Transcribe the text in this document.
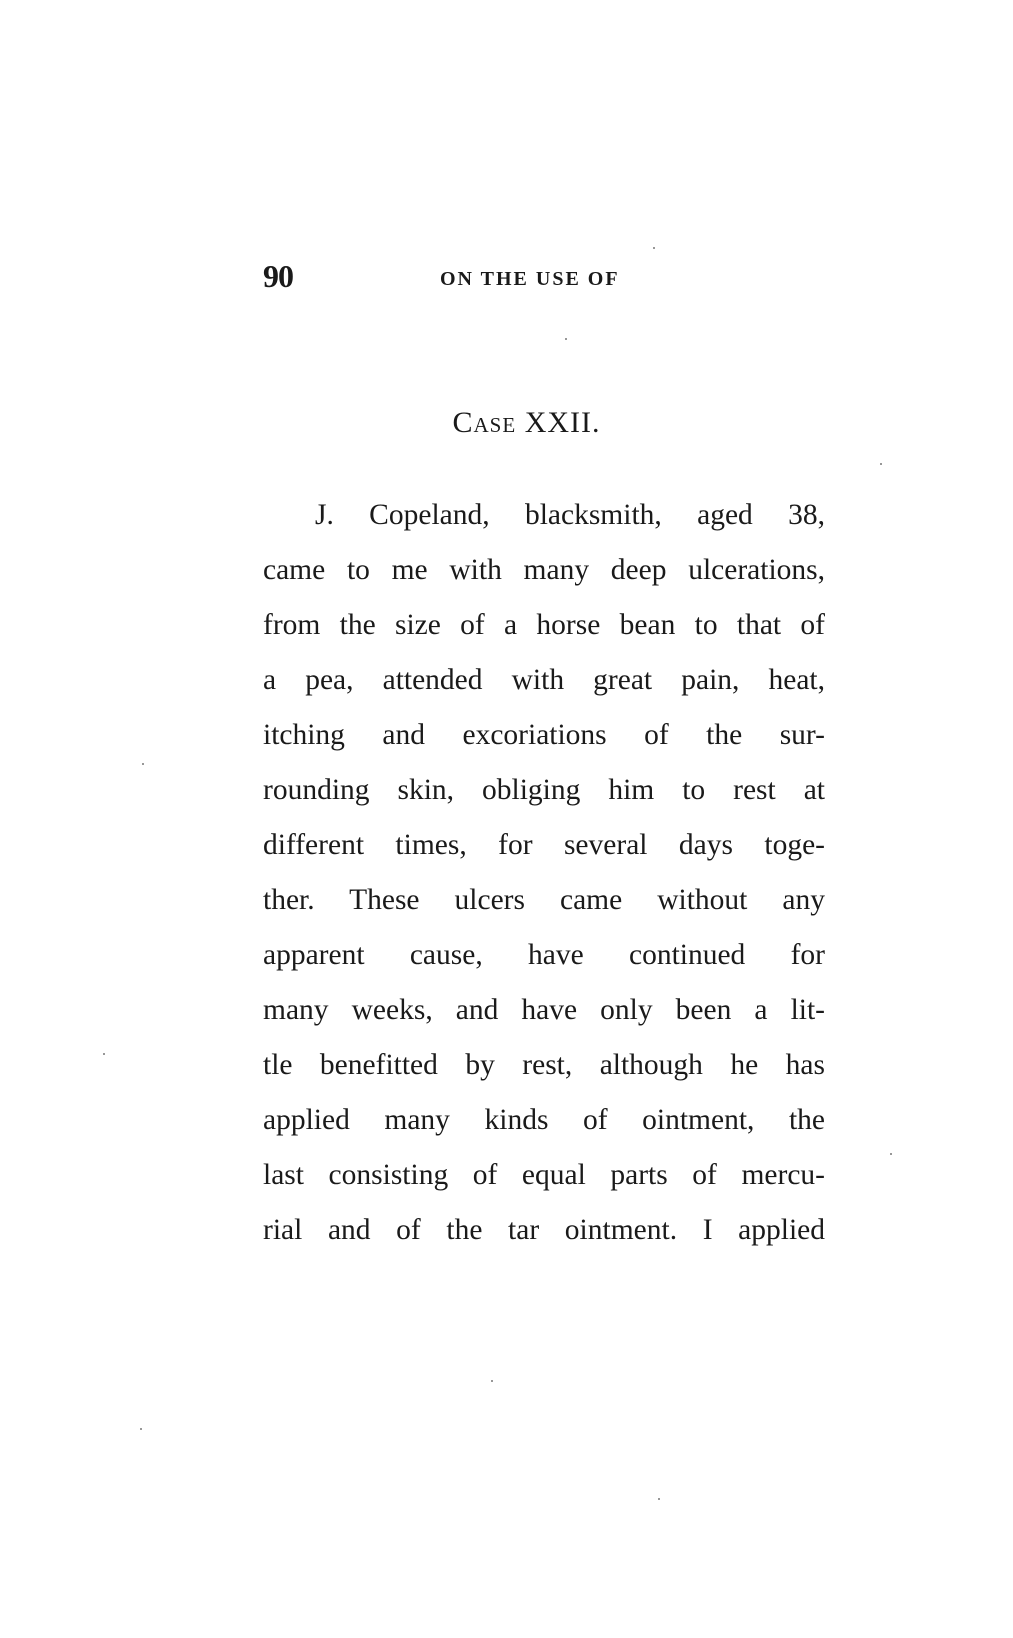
90	ON THE USE OF
Case XXII.
J. Copeland, blacksmith, aged 38,
came to me with many deep ulcerations,
from the size of a horse bean to that of
a pea, attended with great pain, heat,
itching and excoriations of the sur-
rounding skin, obliging him to rest at
different times, for several days toge-
ther. These ulcers came without any
apparent cause, have continued for
many weeks, and have only been a lit-
tle benefitted by rest, although he has
applied many kinds of ointment, the
last consisting of equal parts of mercu-
rial and of the tar ointment. I applied
